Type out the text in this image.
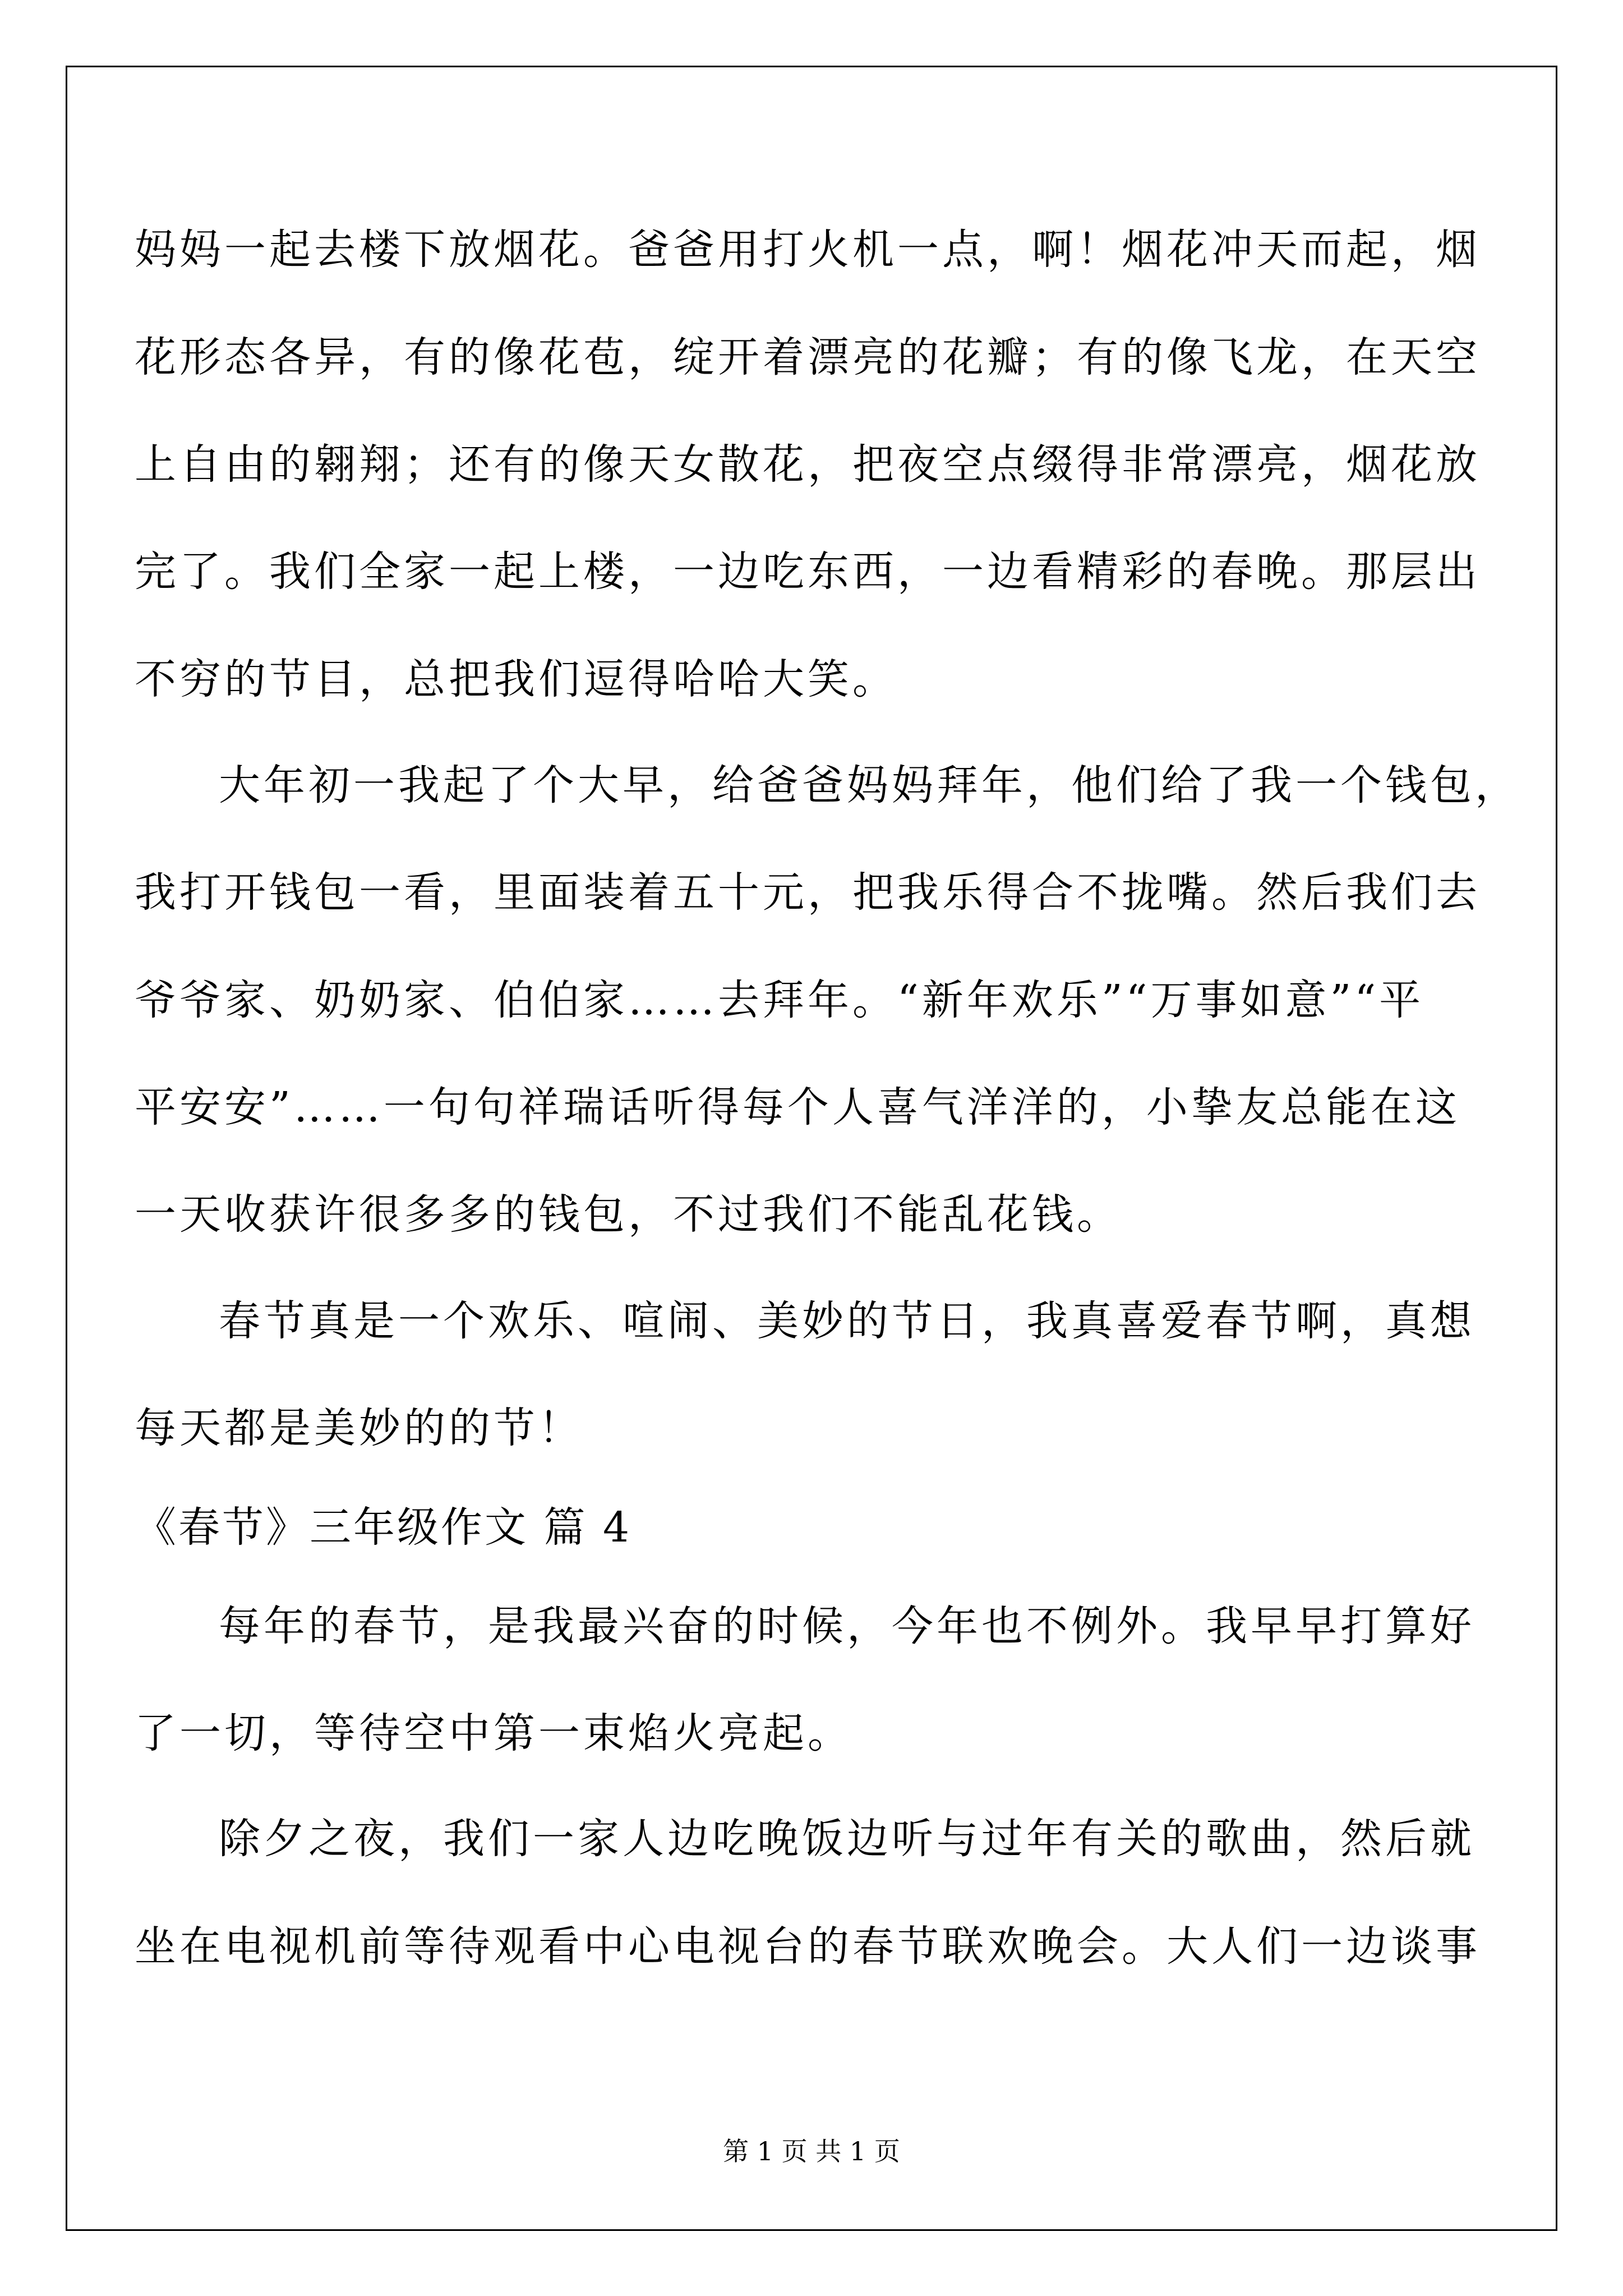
妈妈一起去楼下放烟花。爸爸用打火机一点，啊！烟花冲天而起，烟
花形态各异，有的像花苞，绽开着漂亮的花瓣；有的像飞龙，在天空
上自由的翱翔；还有的像天女散花，把夜空点缀得非常漂亮，烟花放
完了。我们全家一起上楼，一边吃东西，一边看精彩的春晚。那层出
不穷的节目，总把我们逗得哈哈大笑。
大年初一我起了个大早，给爸爸妈妈拜年，他们给了我一个钱包，
我打开钱包一看，里面装着五十元，把我乐得合不拢嘴。然后我们去
爷爷家、奶奶家、伯伯家……去拜年。“新年欢乐”“万事如意”“平
平安安”……一句句祥瑞话听得每个人喜气洋洋的，小挚友总能在这
一天收获许很多多的钱包，不过我们不能乱花钱。
春节真是一个欢乐、喧闹、美妙的节日，我真喜爱春节啊，真想
每天都是美妙的的节！
《春节》三年级作文 篇 4
每年的春节，是我最兴奋的时候，今年也不例外。我早早打算好
了一切，等待空中第一束焰火亮起。
除夕之夜，我们一家人边吃晚饭边听与过年有关的歌曲，然后就
坐在电视机前等待观看中心电视台的春节联欢晚会。大人们一边谈事
第 1 页 共 1 页
